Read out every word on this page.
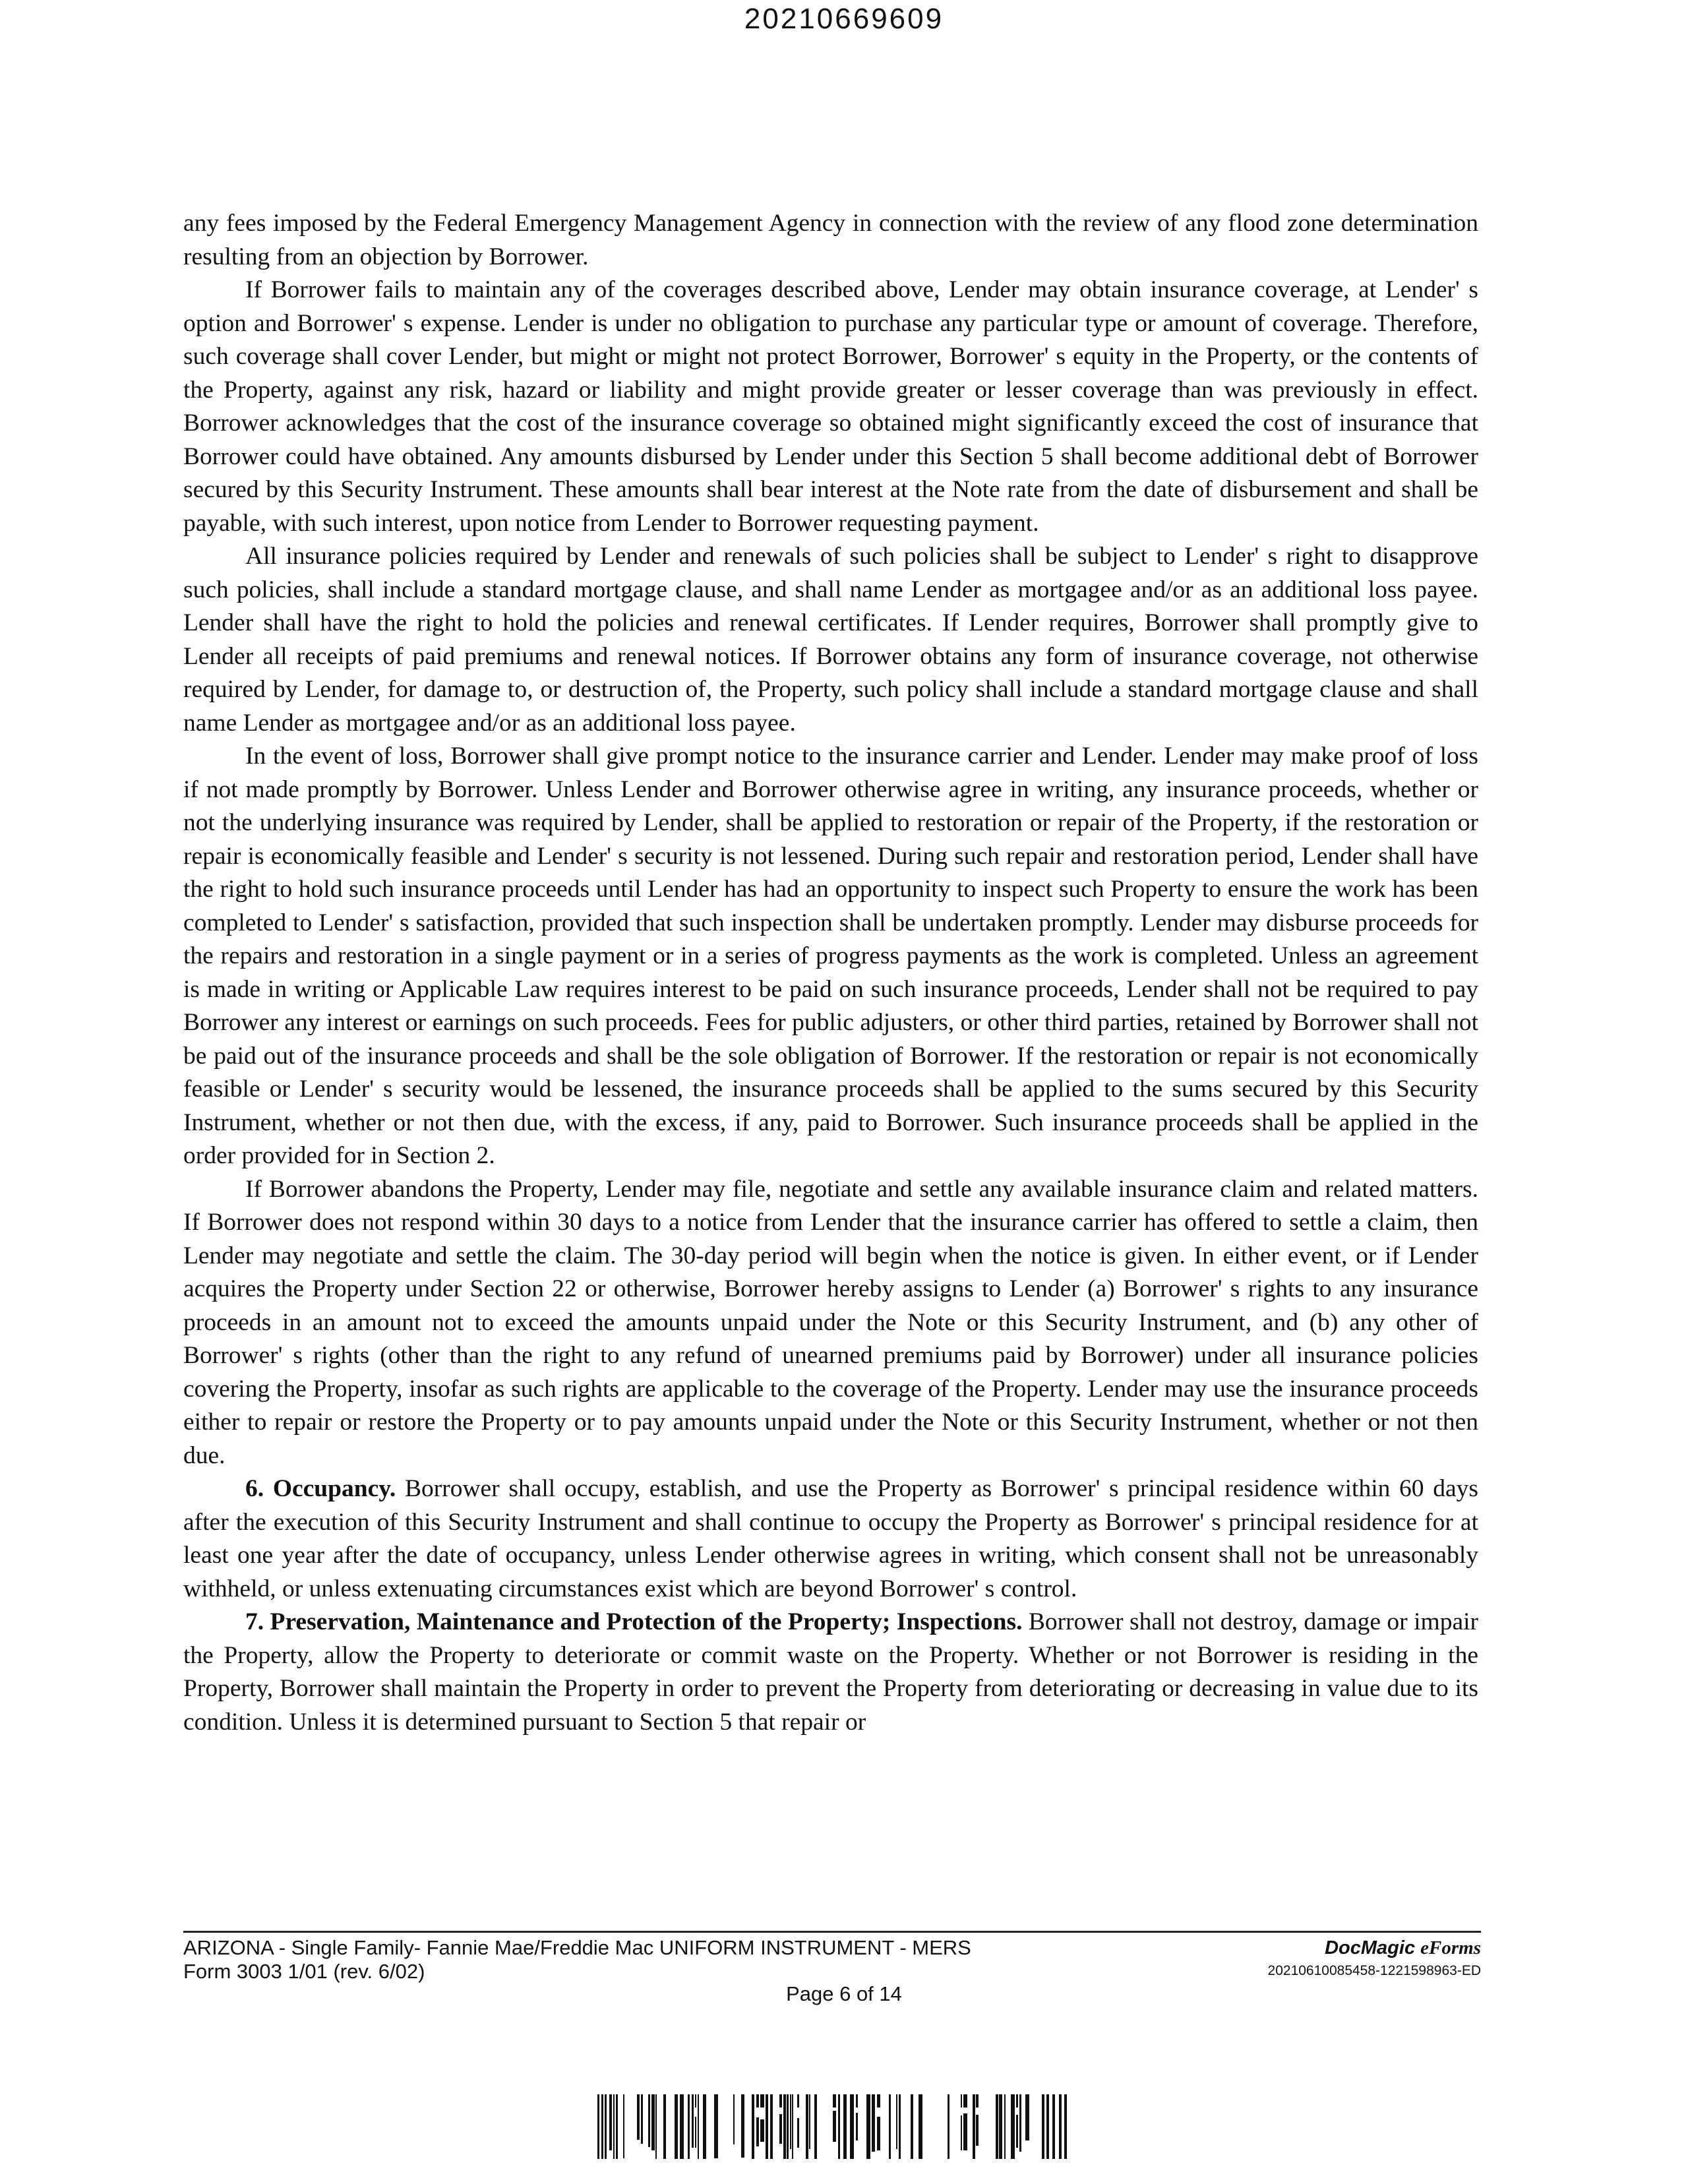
20210669609

any fees imposed by the Federal Emergency Management Agency in connection with the review of any flood zone determination resulting from an objection by Borrower.

If Borrower fails to maintain any of the coverages described above, Lender may obtain insurance coverage, at Lender' s option and Borrower' s expense. Lender is under no obligation to purchase any particular type or amount of coverage. Therefore, such coverage shall cover Lender, but might or might not protect Borrower, Borrower' s equity in the Property, or the contents of the Property, against any risk, hazard or liability and might provide greater or lesser coverage than was previously in effect. Borrower acknowledges that the cost of the insurance coverage so obtained might significantly exceed the cost of insurance that Borrower could have obtained. Any amounts disbursed by Lender under this Section 5 shall become additional debt of Borrower secured by this Security Instrument. These amounts shall bear interest at the Note rate from the date of disbursement and shall be payable, with such interest, upon notice from Lender to Borrower requesting payment.

All insurance policies required by Lender and renewals of such policies shall be subject to Lender' s right to disapprove such policies, shall include a standard mortgage clause, and shall name Lender as mortgagee and/or as an additional loss payee. Lender shall have the right to hold the policies and renewal certificates. If Lender requires, Borrower shall promptly give to Lender all receipts of paid premiums and renewal notices. If Borrower obtains any form of insurance coverage, not otherwise required by Lender, for damage to, or destruction of, the Property, such policy shall include a standard mortgage clause and shall name Lender as mortgagee and/or as an additional loss payee.

In the event of loss, Borrower shall give prompt notice to the insurance carrier and Lender. Lender may make proof of loss if not made promptly by Borrower. Unless Lender and Borrower otherwise agree in writing, any insurance proceeds, whether or not the underlying insurance was required by Lender, shall be applied to restoration or repair of the Property, if the restoration or repair is economically feasible and Lender' s security is not lessened. During such repair and restoration period, Lender shall have the right to hold such insurance proceeds until Lender has had an opportunity to inspect such Property to ensure the work has been completed to Lender' s satisfaction, provided that such inspection shall be undertaken promptly. Lender may disburse proceeds for the repairs and restoration in a single payment or in a series of progress payments as the work is completed. Unless an agreement is made in writing or Applicable Law requires interest to be paid on such insurance proceeds, Lender shall not be required to pay Borrower any interest or earnings on such proceeds. Fees for public adjusters, or other third parties, retained by Borrower shall not be paid out of the insurance proceeds and shall be the sole obligation of Borrower. If the restoration or repair is not economically feasible or Lender' s security would be lessened, the insurance proceeds shall be applied to the sums secured by this Security Instrument, whether or not then due, with the excess, if any, paid to Borrower. Such insurance proceeds shall be applied in the order provided for in Section 2.

If Borrower abandons the Property, Lender may file, negotiate and settle any available insurance claim and related matters. If Borrower does not respond within 30 days to a notice from Lender that the insurance carrier has offered to settle a claim, then Lender may negotiate and settle the claim. The 30-day period will begin when the notice is given. In either event, or if Lender acquires the Property under Section 22 or otherwise, Borrower hereby assigns to Lender (a) Borrower' s rights to any insurance proceeds in an amount not to exceed the amounts unpaid under the Note or this Security Instrument, and (b) any other of Borrower' s rights (other than the right to any refund of unearned premiums paid by Borrower) under all insurance policies covering the Property, insofar as such rights are applicable to the coverage of the Property. Lender may use the insurance proceeds either to repair or restore the Property or to pay amounts unpaid under the Note or this Security Instrument, whether or not then due.

6. Occupancy. Borrower shall occupy, establish, and use the Property as Borrower' s principal residence within 60 days after the execution of this Security Instrument and shall continue to occupy the Property as Borrower' s principal residence for at least one year after the date of occupancy, unless Lender otherwise agrees in writing, which consent shall not be unreasonably withheld, or unless extenuating circumstances exist which are beyond Borrower' s control.

7. Preservation, Maintenance and Protection of the Property; Inspections. Borrower shall not destroy, damage or impair the Property, allow the Property to deteriorate or commit waste on the Property. Whether or not Borrower is residing in the Property, Borrower shall maintain the Property in order to prevent the Property from deteriorating or decreasing in value due to its condition. Unless it is determined pursuant to Section 5 that repair or

ARIZONA - Single Family- Fannie Mae/Freddie Mac UNIFORM INSTRUMENT - MERS
Form 3003 1/01 (rev. 6/02)
DocMagic eForms
20210610085458-1221598963-ED
Page 6 of 14
